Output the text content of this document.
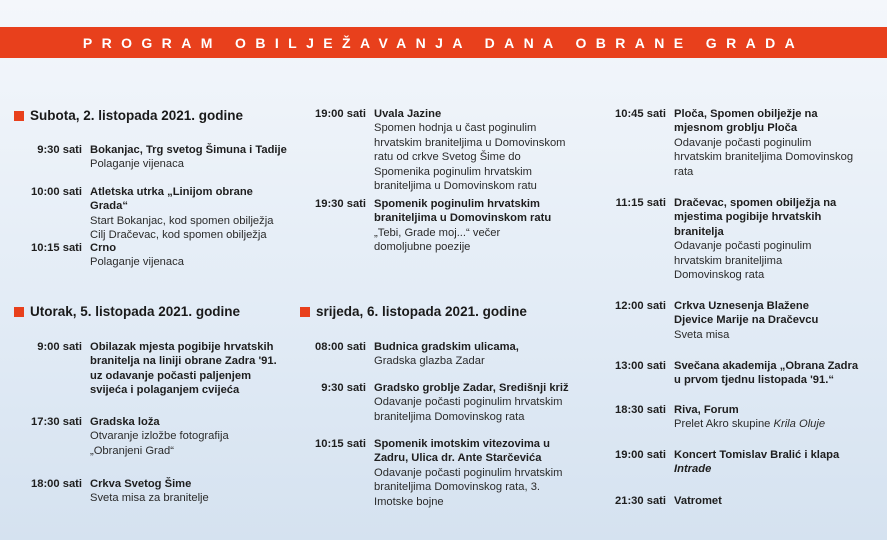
PROGRAM OBILJEŽAVANJA DANA OBRANE GRADA
Subota, 2. listopada 2021. godine
9:30 sati Bokanjac, Trg svetog Šimuna i Tadije
Polaganje vijenaca
10:00 sati Atletska utrka „Linijom obrane Grada“
Start Bokanjac, kod spomen obilježja Cilj Dračevac, kod spomen obilježja
10:15 sati Crno
Polaganje vijenaca
Utorak, 5. listopada 2021. godine
9:00 sati Obilazak mjesta pogibije hrvatskih branitelja na liniji obrane Zadra '91. uz odavanje počasti paljenjem svijeća i polaganjem cvijeća
17:30 sati Gradska loža
Otvaranje izložbe fotografija „Obranjeni Grad“
18:00 sati Crkva Svetog Šime
Sveta misa za branitelje
19:00 sati Uvala Jazine
Spomen hodnja u čast poginulim hrvatskim braniteljima u Domovinskom ratu od crkve Svetog Šime do Spomenika poginulim hrvatskim braniteljima u Domovinskom ratu
19:30 sati Spomenik poginulim hrvatskim braniteljima u Domovinskom ratu
„Tebi, Grade moj...“ večer domoljubne poezije
srijeda, 6. listopada 2021. godine
08:00 sati Budnica gradskim ulicama,
Gradska glazba Zadar
9:30 sati Gradsko groblje Zadar, Središnji križ
Odavanje počasti poginulim hrvatskim braniteljima Domovinskog rata
10:15 sati Spomenik imotskim vitezovima u Zadru, Ulica dr. Ante Starčevića
Odavanje počasti poginulim hrvatskim braniteljima Domovinskog rata, 3. Imotske bojne
10:45 sati Ploča, Spomen obilježje na mjesnom groblju Ploča
Odavanje počasti poginulim hrvatskim braniteljima Domovinskog rata
11:15 sati Dračevac, spomen obilježja na mjestima pogibije hrvatskih branitelja
Odavanje počasti poginulim hrvatskim braniteljima Domovinskog rata
12:00 sati Crkva Uznesenja Blažene Djevice Marije na Dračevcu
Sveta misa
13:00 sati Svečana akademija „Obrana Zadra u prvom tjednu listopada '91.“
18:30 sati Riva, Forum
Prelet Akro skupine Krila Oluje
19:00 sati Koncert Tomislav Bralić i klapa Intrade
21:30 sati Vatromet
